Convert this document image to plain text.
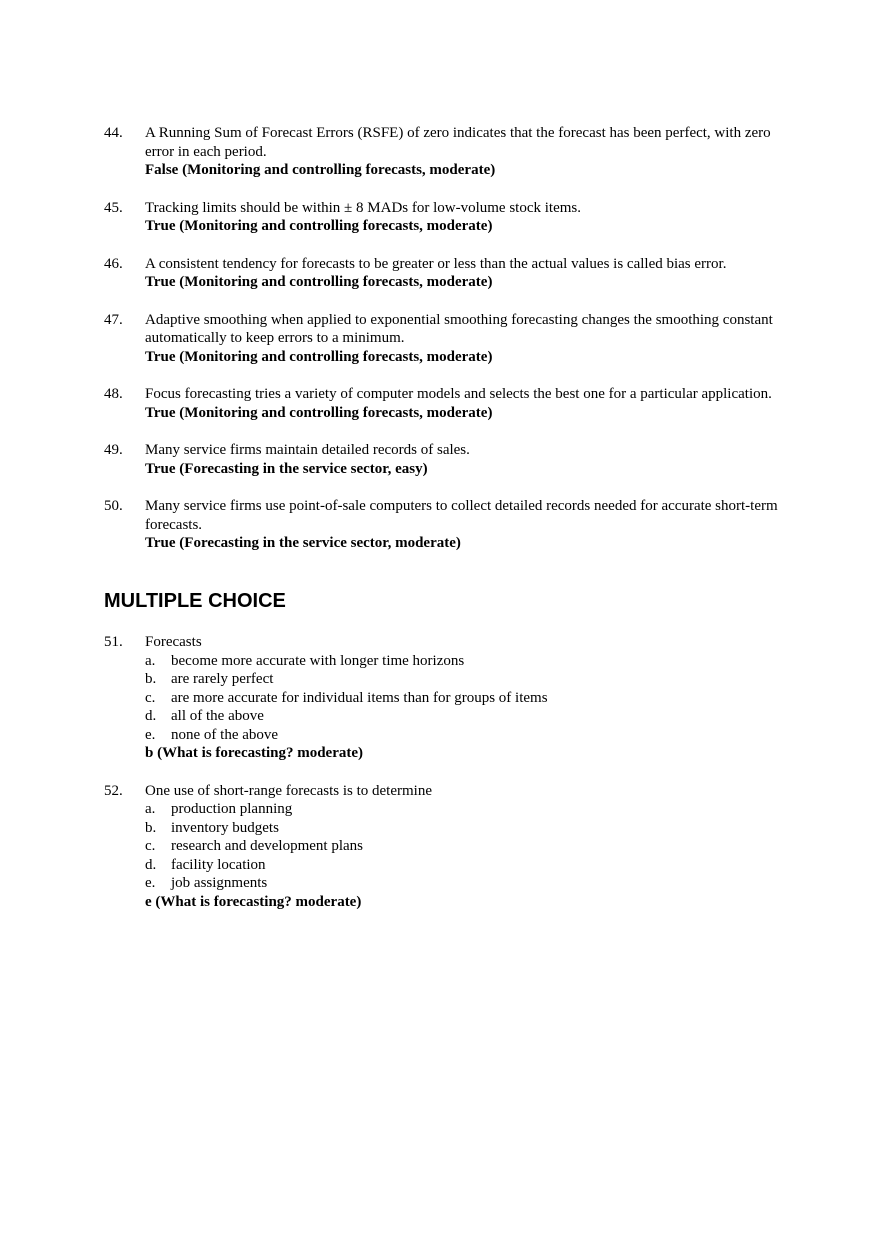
44. A Running Sum of Forecast Errors (RSFE) of zero indicates that the forecast has been perfect, with zero error in each period.
False (Monitoring and controlling forecasts, moderate)
45. Tracking limits should be within ± 8 MADs for low-volume stock items.
True (Monitoring and controlling forecasts, moderate)
46. A consistent tendency for forecasts to be greater or less than the actual values is called bias error.
True (Monitoring and controlling forecasts, moderate)
47. Adaptive smoothing when applied to exponential smoothing forecasting changes the smoothing constant automatically to keep errors to a minimum.
True (Monitoring and controlling forecasts, moderate)
48. Focus forecasting tries a variety of computer models and selects the best one for a particular application.
True (Monitoring and controlling forecasts, moderate)
49. Many service firms maintain detailed records of sales.
True (Forecasting in the service sector, easy)
50. Many service firms use point-of-sale computers to collect detailed records needed for accurate short-term forecasts.
True (Forecasting in the service sector, moderate)
MULTIPLE CHOICE
51. Forecasts
a. become more accurate with longer time horizons
b. are rarely perfect
c. are more accurate for individual items than for groups of items
d. all of the above
e. none of the above
b (What is forecasting? moderate)
52. One use of short-range forecasts is to determine
a. production planning
b. inventory budgets
c. research and development plans
d. facility location
e. job assignments
e (What is forecasting? moderate)
